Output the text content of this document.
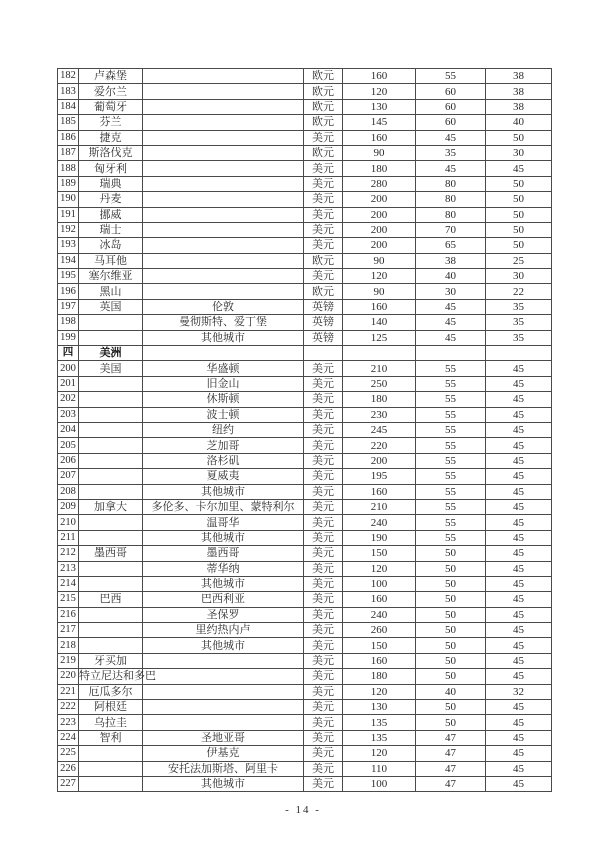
182	卢森堡		欧元	160	55	38
183	爱尔兰		欧元	120	60	38
184	葡萄牙		欧元	130	60	38
185	芬兰		欧元	145	60	40
186	捷克		美元	160	45	50
187	斯洛伐克		欧元	90	35	30
188	匈牙利		美元	180	45	45
189	瑞典		美元	280	80	50
190	丹麦		美元	200	80	50
191	挪威		美元	200	80	50
192	瑞士		美元	200	70	50
193	冰岛		美元	200	65	50
194	马耳他		欧元	90	38	25
195	塞尔维亚		美元	120	40	30
196	黑山		欧元	90	30	22
197	英国	伦敦	英镑	160	45	35
198		曼彻斯特、爱丁堡	英镑	140	45	35
199		其他城市	英镑	125	45	35
四	美洲					
200	美国	华盛顿	美元	210	55	45
201		旧金山	美元	250	55	45
202		休斯顿	美元	180	55	45
203		波士顿	美元	230	55	45
204		纽约	美元	245	55	45
205		芝加哥	美元	220	55	45
206		洛杉矶	美元	200	55	45
207		夏威夷	美元	195	55	45
208		其他城市	美元	160	55	45
209	加拿大	多伦多、卡尔加里、蒙特利尔	美元	210	55	45
210		温哥华	美元	240	55	45
211		其他城市	美元	190	55	45
212	墨西哥	墨西哥	美元	150	50	45
213		蒂华纳	美元	120	50	45
214		其他城市	美元	100	50	45
215	巴西	巴西利亚	美元	160	50	45
216		圣保罗	美元	240	50	45
217		里约热内卢	美元	260	50	45
218		其他城市	美元	150	50	45
219	牙买加		美元	160	50	45
220	特立尼达和多巴		美元	180	50	45
221	厄瓜多尔		美元	120	40	32
222	阿根廷		美元	130	50	45
223	乌拉圭		美元	135	50	45
224	智利	圣地亚哥	美元	135	47	45
225		伊基克	美元	120	47	45
226		安托法加斯塔、阿里卡	美元	110	47	45
227		其他城市	美元	100	47	45
- 14 -
